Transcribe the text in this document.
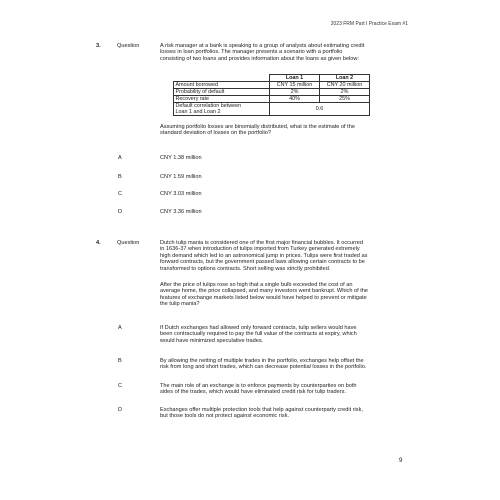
2023 FRM Part I Practice Exam #1
3.	Question	A risk manager at a bank is speaking to a group of analysts about estimating credit
losses in loan portfolios. The manager presents a scenario with a portfolio
consisting of two loans and provides information about the loans as given below:
	Loan 1	Loan 2
Amount borrowed	CNY 15 million	CNY 20 million
Probability of default	2%	2%
Recovery rate	40%	25%

Default correlation between
Loan 1 and Loan 2	0.6	
Assuming portfolio losses are binomially distributed, what is the estimate of the
standard deviation of losses on the portfolio?
A	CNY 1.38 million
B	CNY 1.59 million
C	CNY 3.03 million
D	CNY 3.36 million
4.	Question	Dutch tulip mania is considered one of the first major financial bubbles. It occurred
in 1636-37 when introduction of tulips imported from Turkey generated extremely
high demand which led to an astronomical jump in prices. Tulips were first traded as
forward contracts, but the government passed laws allowing certain contracts to be
transformed to options contracts. Short selling was strictly prohibited.
After the price of tulips rose so high that a single bulb exceeded the cost of an
average home, the price collapsed, and many investors went bankrupt. Which of the
features of exchange markets listed below would have helped to prevent or mitigate
the tulip mania?
A	If Dutch exchanges had allowed only forward contracts, tulip sellers would have
been contractually required to pay the full value of the contracts at expiry, which
would have minimized speculative trades.
B	By allowing the netting of multiple trades in the portfolio, exchanges help offset the
risk from long and short trades, which can decrease potential losses in the portfolio.
C	The main role of an exchange is to enforce payments by counterparties on both
sides of the trades, which would have eliminated credit risk for tulip traders.
D	Exchanges offer multiple protection tools that help against counterparty credit risk,
but those tools do not protect against economic risk.
9
